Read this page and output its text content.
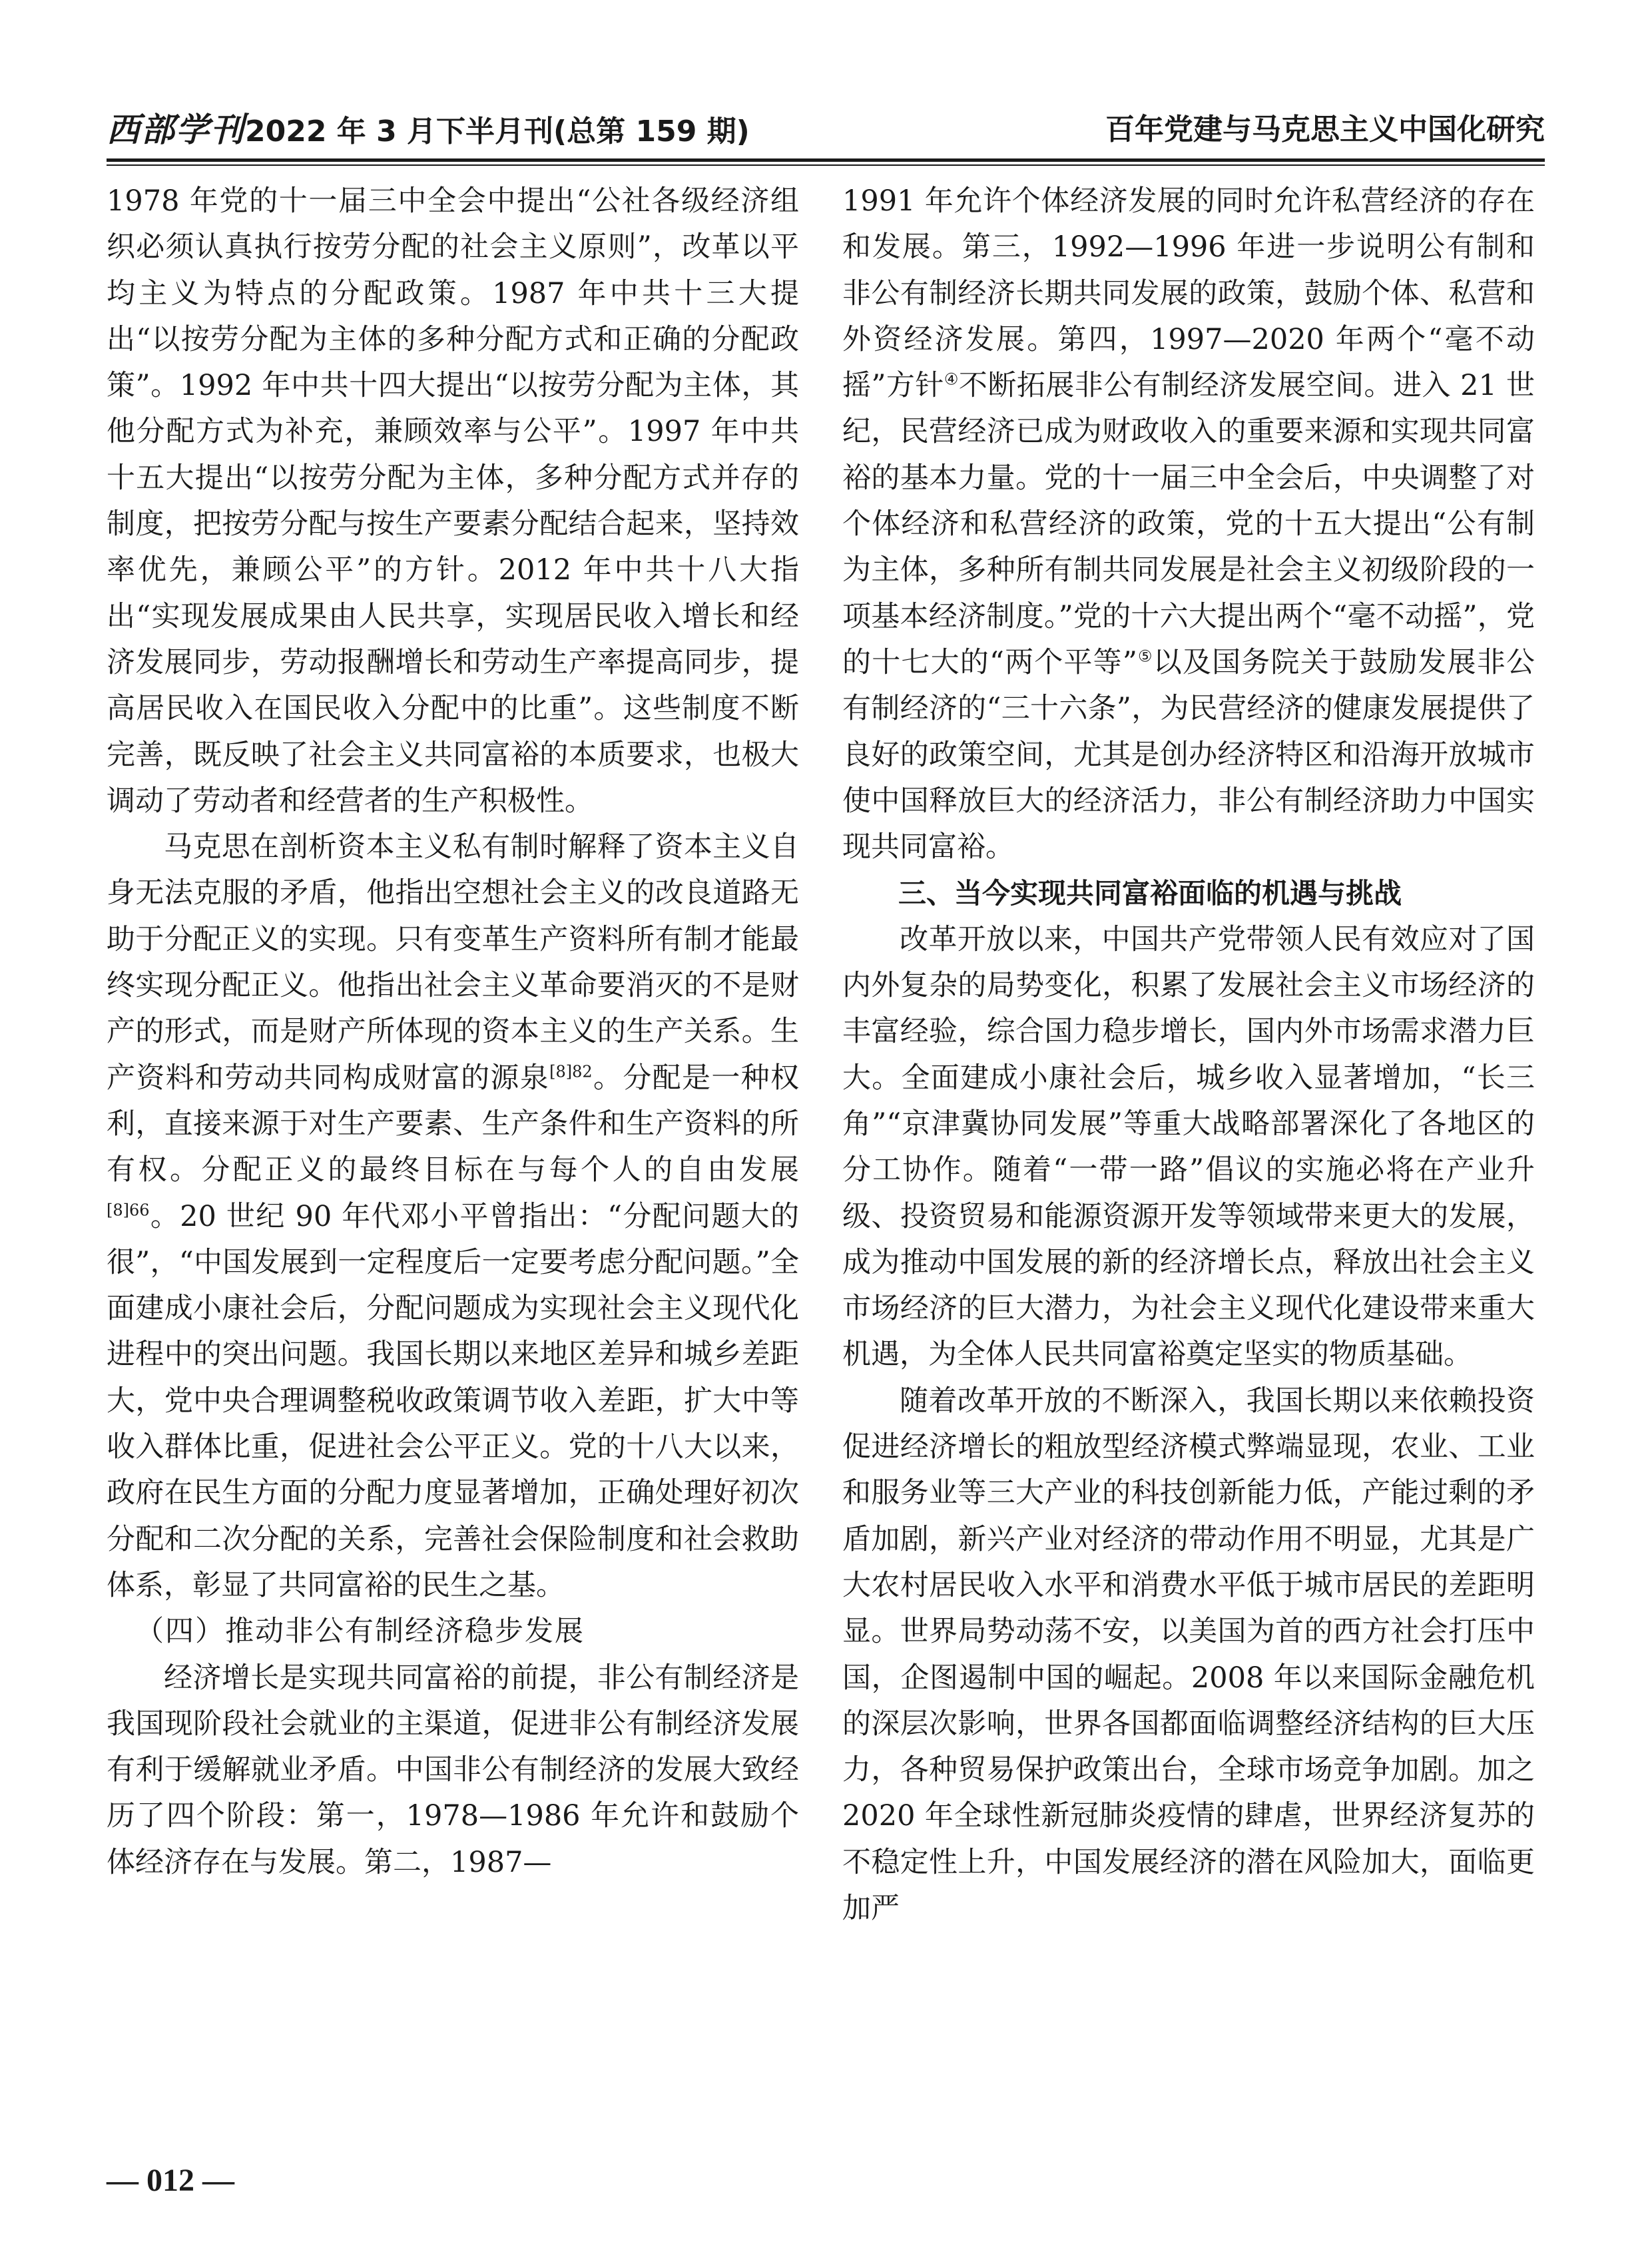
西部学刊2022 年 3 月下半月刊(总第 159 期)	百年党建与马克思主义中国化研究

1978 年党的十一届三中全会中提出“公社各级经济组织必须认真执行按劳分配的社会主义原则”，改革以平均主义为特点的分配政策。1987 年中共十三大提出“以按劳分配为主体的多种分配方式和正确的分配政策”。1992 年中共十四大提出“以按劳分配为主体，其他分配方式为补充，兼顾效率与公平”。1997 年中共十五大提出“以按劳分配为主体，多种分配方式并存的制度，把按劳分配与按生产要素分配结合起来，坚持效率优先，兼顾公平”的方针。2012 年中共十八大指出“实现发展成果由人民共享，实现居民收入增长和经济发展同步，劳动报酬增长和劳动生产率提高同步，提高居民收入在国民收入分配中的比重”。这些制度不断完善，既反映了社会主义共同富裕的本质要求，也极大调动了劳动者和经营者的生产积极性。

马克思在剖析资本主义私有制时解释了资本主义自身无法克服的矛盾，他指出空想社会主义的改良道路无助于分配正义的实现。只有变革生产资料所有制才能最终实现分配正义。他指出社会主义革命要消灭的不是财产的形式，而是财产所体现的资本主义的生产关系。生产资料和劳动共同构成财富的源泉$^{[8]82}$。分配是一种权利，直接来源于对生产要素、生产条件和生产资料的所有权。分配正义的最终目标在与每个人的自由发展$^{[8]66}$。20 世纪 90 年代邓小平曾指出：“分配问题大的很”，“中国发展到一定程度后一定要考虑分配问题。”全面建成小康社会后，分配问题成为实现社会主义现代化进程中的突出问题。我国长期以来地区差异和城乡差距大，党中央合理调整税收政策调节收入差距，扩大中等收入群体比重，促进社会公平正义。党的十八大以来，政府在民生方面的分配力度显著增加，正确处理好初次分配和二次分配的关系，完善社会保险制度和社会救助体系，彰显了共同富裕的民生之基。

（四）推动非公有制经济稳步发展

经济增长是实现共同富裕的前提，非公有制经济是我国现阶段社会就业的主渠道，促进非公有制经济发展有利于缓解就业矛盾。中国非公有制经济的发展大致经历了四个阶段：第一，1978—1986 年允许和鼓励个体经济存在与发展。第二，1987—

1991 年允许个体经济发展的同时允许私营经济的存在和发展。第三，1992—1996 年进一步说明公有制和非公有制经济长期共同发展的政策，鼓励个体、私营和外资经济发展。第四，1997—2020 年两个“毫不动摇”方针④不断拓展非公有制经济发展空间。进入 21 世纪，民营经济已成为财政收入的重要来源和实现共同富裕的基本力量。党的十一届三中全会后，中央调整了对个体经济和私营经济的政策，党的十五大提出“公有制为主体，多种所有制共同发展是社会主义初级阶段的一项基本经济制度。”党的十六大提出两个“毫不动摇”，党的十七大的“两个平等”⑤以及国务院关于鼓励发展非公有制经济的“三十六条”，为民营经济的健康发展提供了良好的政策空间，尤其是创办经济特区和沿海开放城市使中国释放巨大的经济活力，非公有制经济助力中国实现共同富裕。

三、当今实现共同富裕面临的机遇与挑战

改革开放以来，中国共产党带领人民有效应对了国内外复杂的局势变化，积累了发展社会主义市场经济的丰富经验，综合国力稳步增长，国内外市场需求潜力巨大。全面建成小康社会后，城乡收入显著增加，“长三角”“京津冀协同发展”等重大战略部署深化了各地区的分工协作。随着“一带一路”倡议的实施必将在产业升级、投资贸易和能源资源开发等领域带来更大的发展，成为推动中国发展的新的经济增长点，释放出社会主义市场经济的巨大潜力，为社会主义现代化建设带来重大机遇，为全体人民共同富裕奠定坚实的物质基础。

随着改革开放的不断深入，我国长期以来依赖投资促进经济增长的粗放型经济模式弊端显现，农业、工业和服务业等三大产业的科技创新能力低，产能过剩的矛盾加剧，新兴产业对经济的带动作用不明显，尤其是广大农村居民收入水平和消费水平低于城市居民的差距明显。世界局势动荡不安，以美国为首的西方社会打压中国，企图遏制中国的崛起。2008 年以来国际金融危机的深层次影响，世界各国都面临调整经济结构的巨大压力，各种贸易保护政策出台，全球市场竞争加剧。加之 2020 年全球性新冠肺炎疫情的肆虐，世界经济复苏的不稳定性上升，中国发展经济的潜在风险加大，面临更加严

— 012 —
